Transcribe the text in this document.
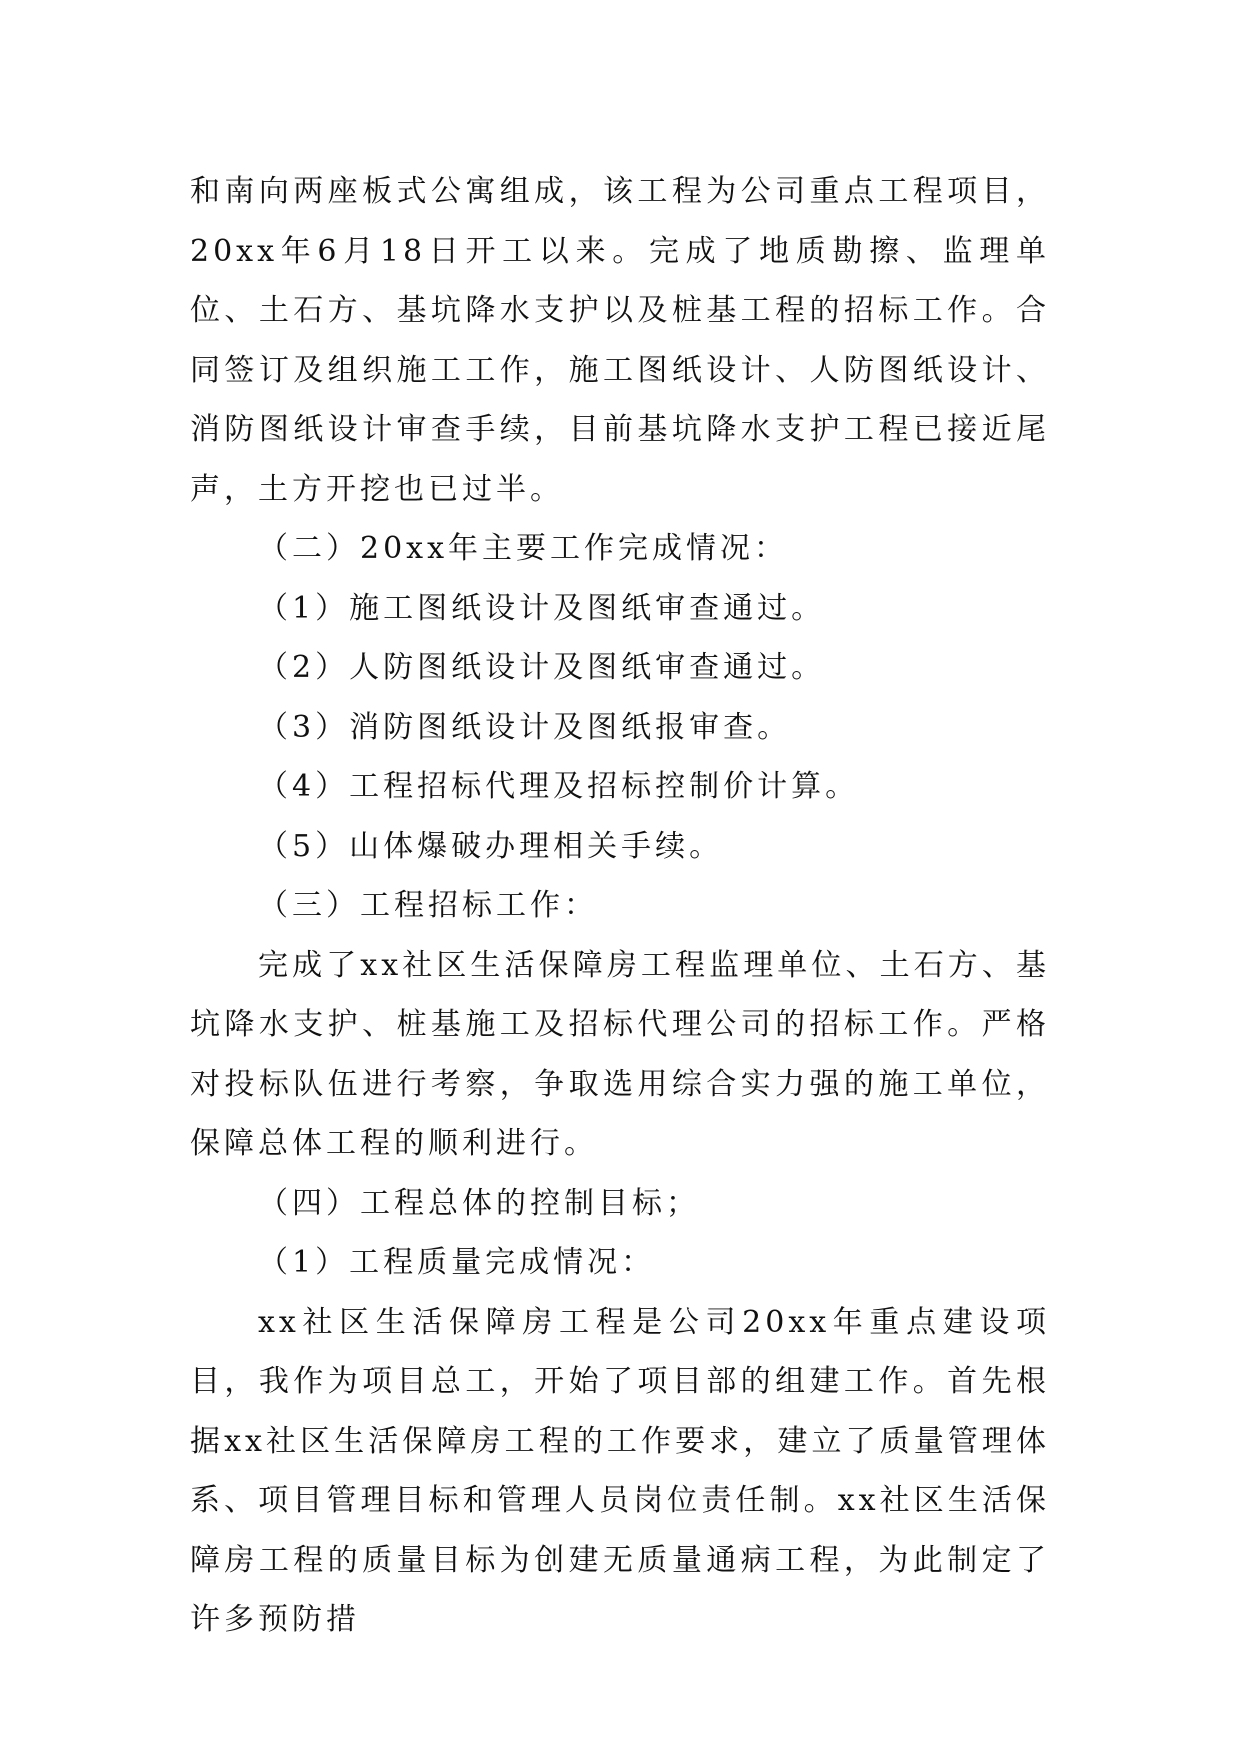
和南向两座板式公寓组成，该工程为公司重点工程项目，20xx年6月18日开工以来。完成了地质勘擦、监理单位、土石方、基坑降水支护以及桩基工程的招标工作。合同签订及组织施工工作，施工图纸设计、人防图纸设计、消防图纸设计审查手续，目前基坑降水支护工程已接近尾声，土方开挖也已过半。

（二）20xx年主要工作完成情况：

（1）施工图纸设计及图纸审查通过。

（2）人防图纸设计及图纸审查通过。

（3）消防图纸设计及图纸报审查。

（4）工程招标代理及招标控制价计算。

（5）山体爆破办理相关手续。

（三）工程招标工作：

完成了xx社区生活保障房工程监理单位、土石方、基坑降水支护、桩基施工及招标代理公司的招标工作。严格对投标队伍进行考察，争取选用综合实力强的施工单位，保障总体工程的顺利进行。

（四）工程总体的控制目标；

（1）工程质量完成情况：

xx社区生活保障房工程是公司20xx年重点建设项目，我作为项目总工，开始了项目部的组建工作。首先根据xx社区生活保障房工程的工作要求，建立了质量管理体系、项目管理目标和管理人员岗位责任制。xx社区生活保障房工程的质量目标为创建无质量通病工程，为此制定了许多预防措
